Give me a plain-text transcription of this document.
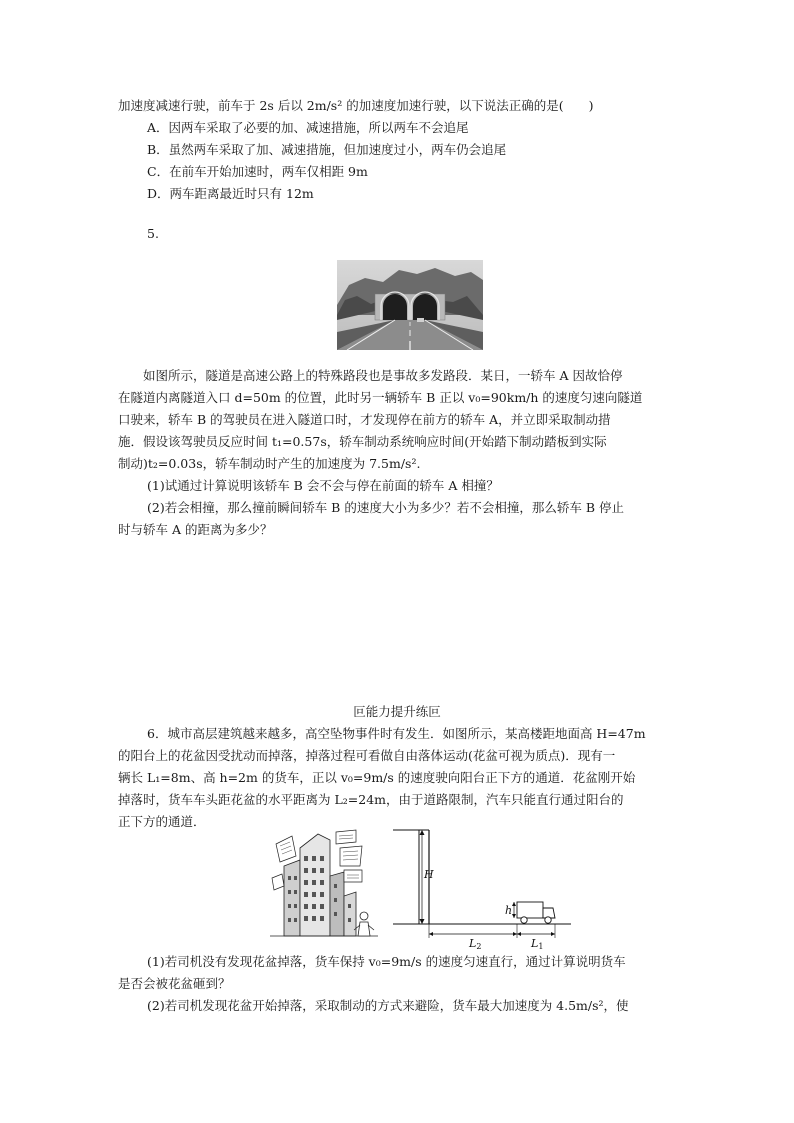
加速度减速行驶，前车于 2s 后以 2m/s² 的加速度加速行驶，以下说法正确的是(　　)
A．因两车采取了必要的加、减速措施，所以两车不会追尾
B．虽然两车采取了加、减速措施，但加速度过小，两车仍会追尾
C．在前车开始加速时，两车仅相距 9m
D．两车距离最近时只有 12m
5.
　　如图所示，隧道是高速公路上的特殊路段也是事故多发路段．某日，一轿车 A 因故恰停
在隧道内离隧道入口 d=50m 的位置，此时另一辆轿车 B 正以 v₀=90km/h 的速度匀速向隧道
口驶来，轿车 B 的驾驶员在进入隧道口时，才发现停在前方的轿车 A，并立即采取制动措
施．假设该驾驶员反应时间 t₁=0.57s，轿车制动系统响应时间(开始踏下制动踏板到实际
制动)t₂=0.03s，轿车制动时产生的加速度为 7.5m/s².
(1)试通过计算说明该轿车 B 会不会与停在前面的轿车 A 相撞？
(2)若会相撞，那么撞前瞬间轿车 B 的速度大小为多少？若不会相撞，那么轿车 B 停止
时与轿车 A 的距离为多少？
叵能力提升练叵
6．城市高层建筑越来越多，高空坠物事件时有发生．如图所示，某高楼距地面高 H=47m
的阳台上的花盆因受扰动而掉落，掉落过程可看做自由落体运动(花盆可视为质点)．现有一
辆长 L₁=8m、高 h=2m 的货车，正以 v₀=9m/s 的速度驶向阳台正下方的通道．花盆刚开始
掉落时，货车车头距花盆的水平距离为 L₂=24m，由于道路限制，汽车只能直行通过阳台的
正下方的通道．
H
h
L2	L1
(1)若司机没有发现花盆掉落，货车保持 v₀=9m/s 的速度匀速直行，通过计算说明货车
是否会被花盆砸到？
(2)若司机发现花盆开始掉落，采取制动的方式来避险，货车最大加速度为 4.5m/s²，使
